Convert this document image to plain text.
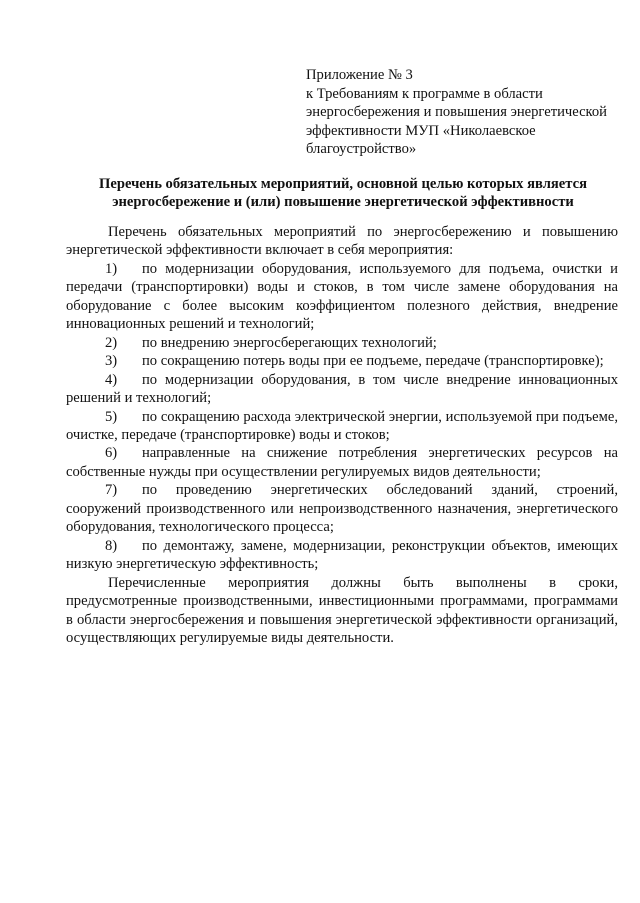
Приложение № 3
к Требованиям к программе в области
энергосбережения и повышения энергетической
эффективности МУП «Николаевское
благоустройство»
Перечень обязательных мероприятий, основной целью которых является
энергосбережение и (или) повышение энергетической эффективности

Перечень обязательных мероприятий по энергосбережению и повышению энергетической эффективности включает в себя мероприятия:

1) по модернизации оборудования, используемого для подъема, очистки и передачи (транспортировки) воды и стоков, в том числе замене оборудования на оборудование с более высоким коэффициентом полезного действия, внедрение инновационных решений и технологий;

2) по внедрению энергосберегающих технологий;

3) по сокращению потерь воды при ее подъеме, передаче (транспортировке);

4) по модернизации оборудования, в том числе внедрение инновационных решений и технологий;

5) по сокращению расхода электрической энергии, используемой при подъеме, очистке, передаче (транспортировке) воды и стоков;

6) направленные на снижение потребления энергетических ресурсов на собственные нужды при осуществлении регулируемых видов деятельности;

7) по проведению энергетических обследований зданий, строений, сооружений производственного или непроизводственного назначения, энергетического оборудования, технологического процесса;

8) по демонтажу, замене, модернизации, реконструкции объектов, имеющих низкую энергетическую эффективность;

Перечисленные мероприятия должны быть выполнены в сроки, предусмотренные производственными, инвестиционными программами, программами в области энергосбережения и повышения энергетической эффективности организаций, осуществляющих регулируемые виды деятельности.
